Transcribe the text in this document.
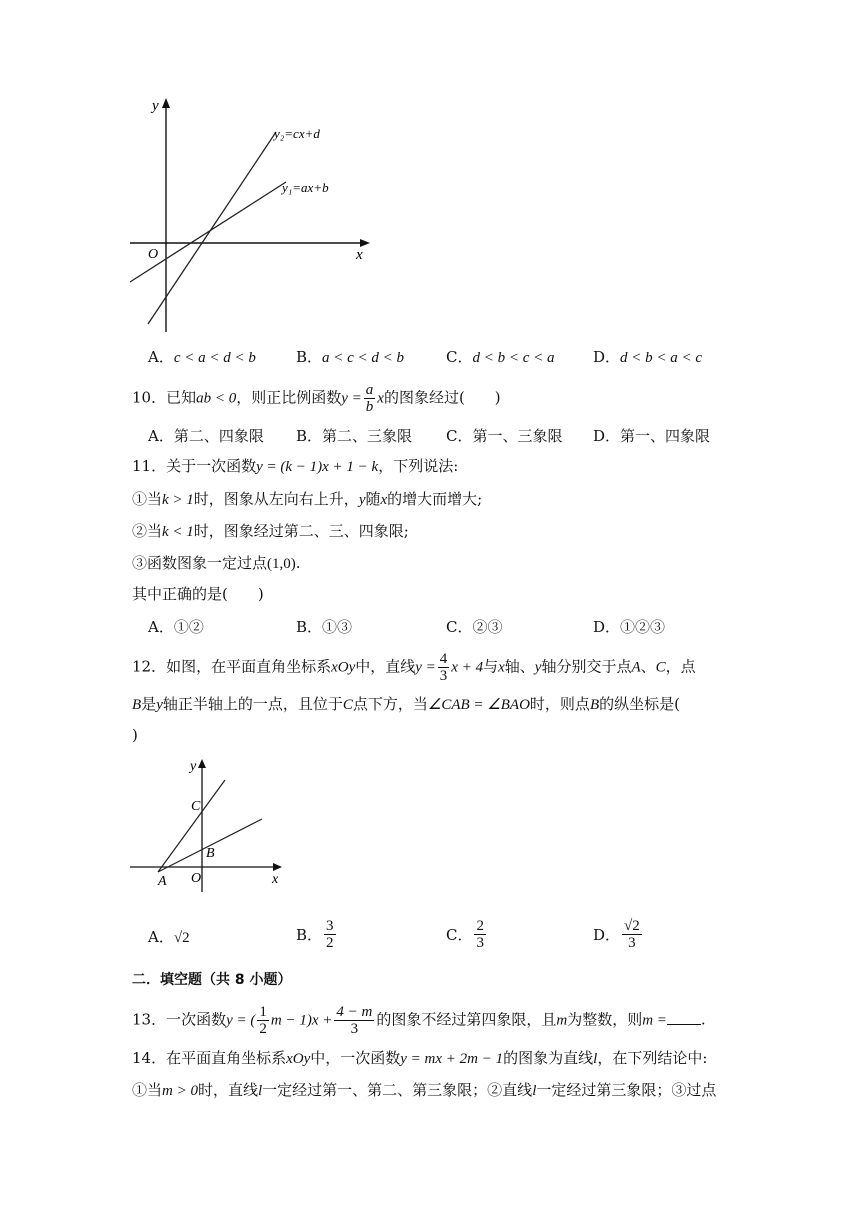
y
x
O
y₂=cx+d
y₁=ax+b
A．c < a < d < b	B．a < c < d < b	C．d < b < c < a	D．d < b < a < c
10．已知ab < 0，则正比例函数$y = \frac{a}{b}$ x的图象经过(　　)
A．第二、四象限 B．第二、三象限 C．第一、三象限 D．第一、四象限
11．关于一次函数y = (k − 1)x + 1 − k，下列说法:
①当k > 1时，图象从左向右上升，y随x的增大而增大;
②当k < 1时，图象经过第二、三、四象限;
③函数图象一定过点(1,0).
其中正确的是(　　)
A．①②	B．①③	C．②③	D．①②③
12．如图，在平面直角坐标系xOy中，直线$y = \frac{4}{3}$ x + 4与x轴、y轴分别交于点A、C，点
B是y轴正半轴上的一点，且位于C点下方，当∠CAB = ∠BAO时，则点B的纵坐标是(
)
y
x
C
B
A O
A．√2	B． $\frac{3}{2}$	C． $\frac{2}{3}$	D． $\frac{√2}{3}$
二．填空题（共 8 小题）
13．一次函数y = ( $\frac{1}{2}$ $m - 1)x + \frac{4 - m}{3}$ 的图象不经过第四象限，且m为整数，则m = .
14．在平面直角坐标系xOy中，一次函数y = mx + 2m − 1的图象为直线l，在下列结论中:
①当m > 0时，直线l一定经过第一、第二、第三象限；②直线l一定经过第三象限；③过点
